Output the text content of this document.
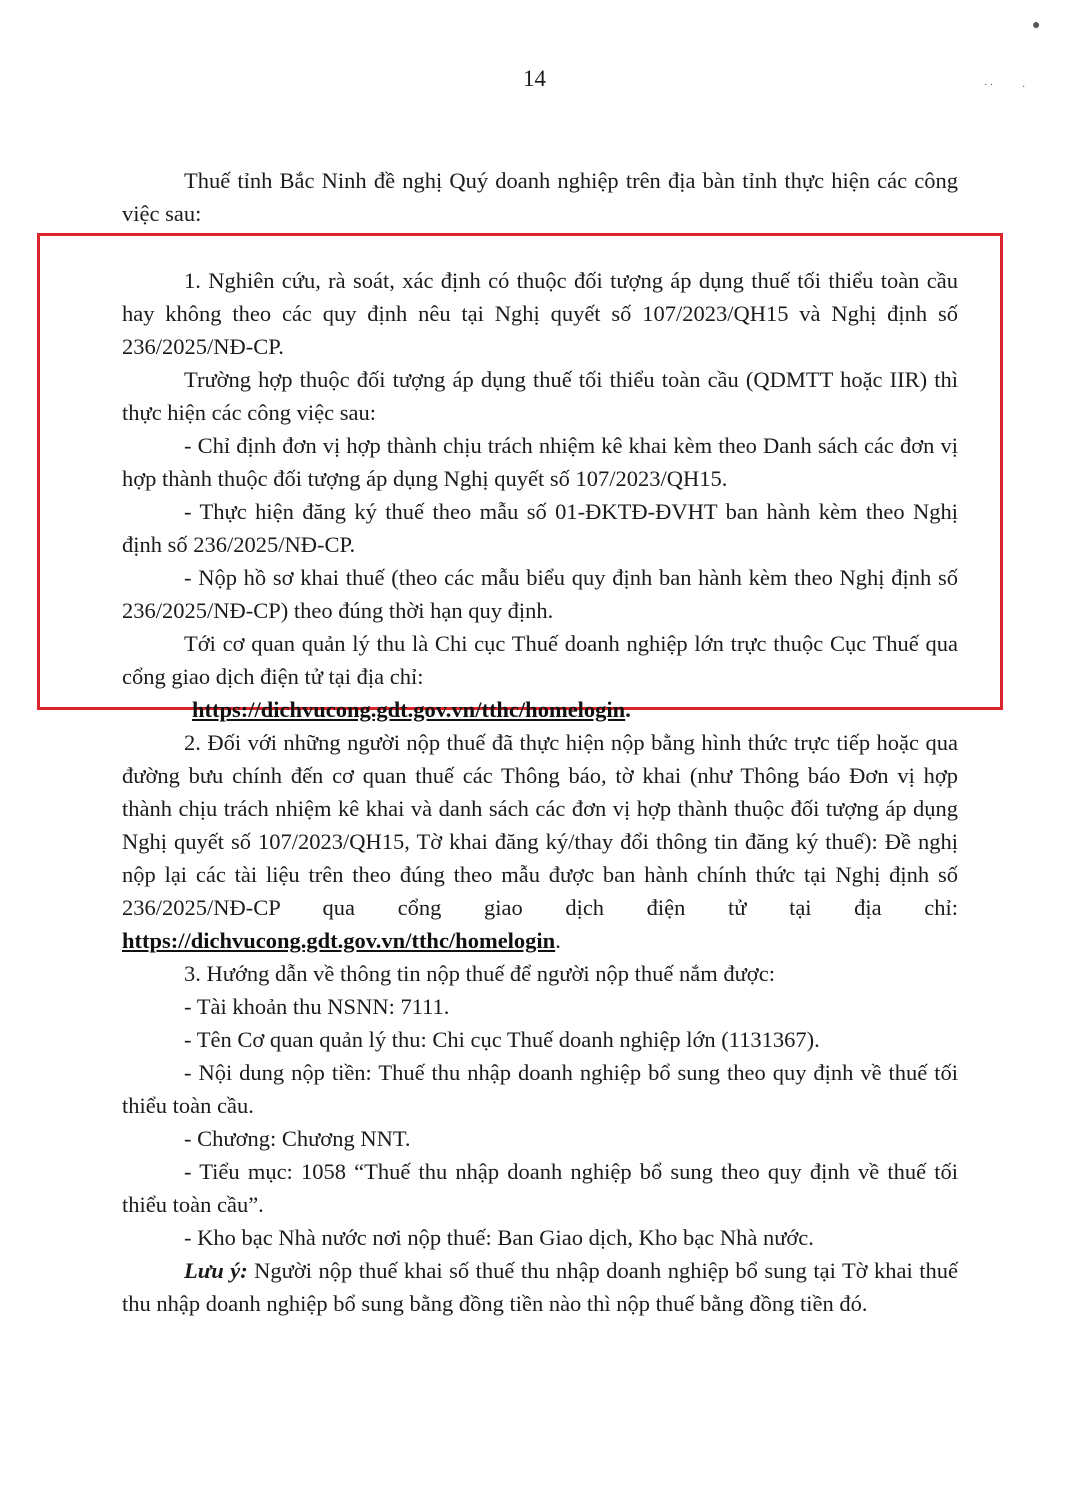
14
●
· ·	·

Thuế tỉnh Bắc Ninh đề nghị Quý doanh nghiệp trên địa bàn tỉnh thực hiện các công việc sau:

1. Nghiên cứu, rà soát, xác định có thuộc đối tượng áp dụng thuế tối thiểu toàn cầu hay không theo các quy định nêu tại Nghị quyết số 107/2023/QH15 và Nghị định số 236/2025/NĐ-CP.

Trường hợp thuộc đối tượng áp dụng thuế tối thiểu toàn cầu (QDMTT hoặc IIR) thì thực hiện các công việc sau:

- Chỉ định đơn vị hợp thành chịu trách nhiệm kê khai kèm theo Danh sách các đơn vị hợp thành thuộc đối tượng áp dụng Nghị quyết số 107/2023/QH15.

- Thực hiện đăng ký thuế theo mẫu số 01-ĐKTĐ-ĐVHT ban hành kèm theo Nghị định số 236/2025/NĐ-CP.

- Nộp hồ sơ khai thuế (theo các mẫu biểu quy định ban hành kèm theo Nghị định số 236/2025/NĐ-CP) theo đúng thời hạn quy định.

Tới cơ quan quản lý thu là Chi cục Thuế doanh nghiệp lớn trực thuộc Cục Thuế qua cổng giao dịch điện tử tại địa chỉ:

https://dichvucong.gdt.gov.vn/tthc/homelogin.

2. Đối với những người nộp thuế đã thực hiện nộp bằng hình thức trực tiếp hoặc qua đường bưu chính đến cơ quan thuế các Thông báo, tờ khai (như Thông báo Đơn vị hợp thành chịu trách nhiệm kê khai và danh sách các đơn vị hợp thành thuộc đối tượng áp dụng Nghị quyết số 107/2023/QH15, Tờ khai đăng ký/thay đổi thông tin đăng ký thuế): Đề nghị nộp lại các tài liệu trên theo đúng theo mẫu được ban hành chính thức tại Nghị định số 236/2025/NĐ-CP qua cổng giao dịch điện tử tại địa chỉ: https://dichvucong.gdt.gov.vn/tthc/homelogin.

3. Hướng dẫn về thông tin nộp thuế để người nộp thuế nắm được:

- Tài khoản thu NSNN: 7111.

- Tên Cơ quan quản lý thu: Chi cục Thuế doanh nghiệp lớn (1131367).

- Nội dung nộp tiền: Thuế thu nhập doanh nghiệp bổ sung theo quy định về thuế tối thiểu toàn cầu.

- Chương: Chương NNT.

- Tiểu mục: 1058 “Thuế thu nhập doanh nghiệp bổ sung theo quy định về thuế tối thiểu toàn cầu”.

- Kho bạc Nhà nước nơi nộp thuế: Ban Giao dịch, Kho bạc Nhà nước.

Lưu ý: Người nộp thuế khai số thuế thu nhập doanh nghiệp bổ sung tại Tờ khai thuế thu nhập doanh nghiệp bổ sung bằng đồng tiền nào thì nộp thuế bằng đồng tiền đó.
